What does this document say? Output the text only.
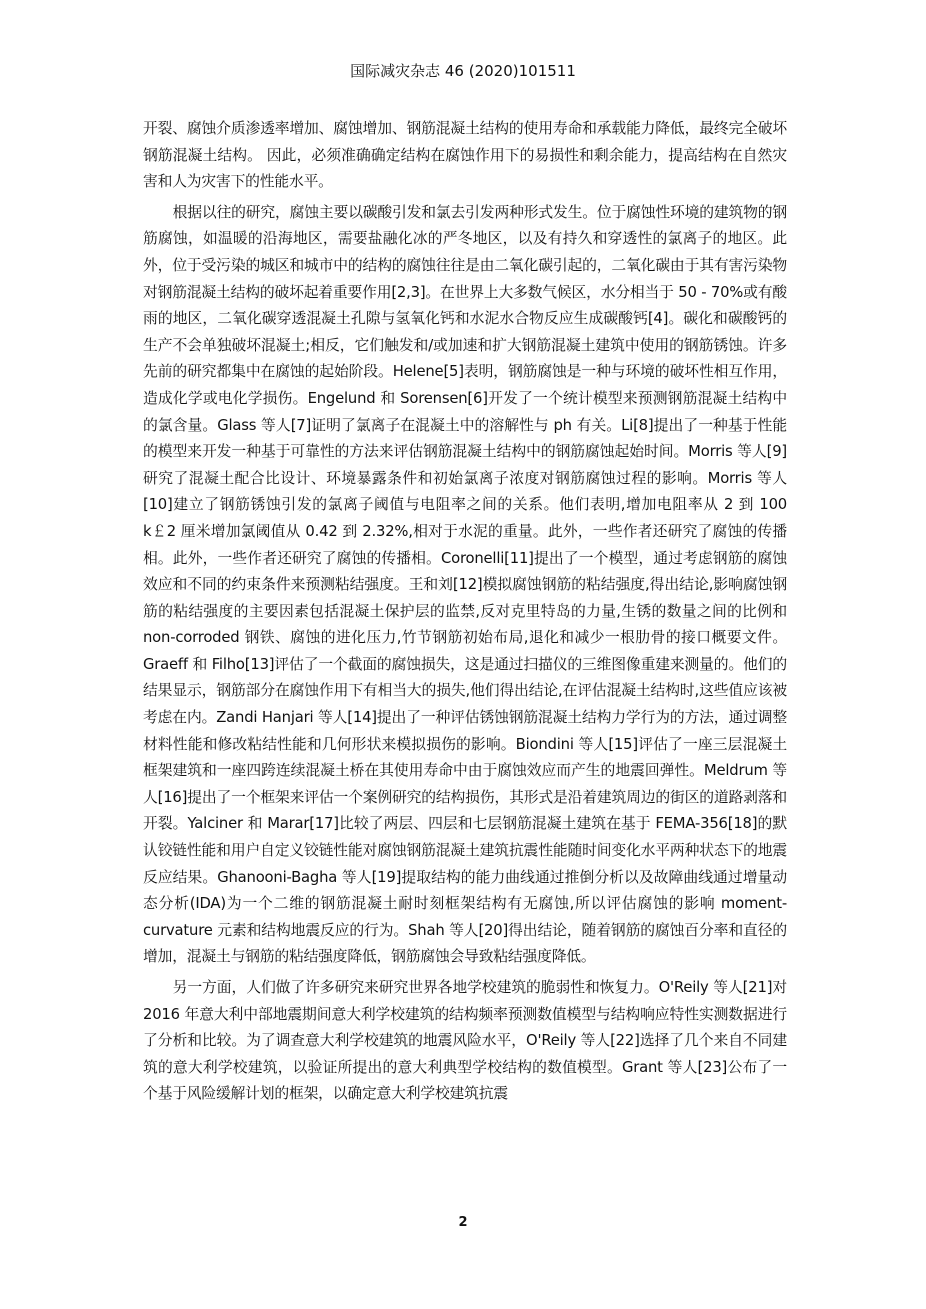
国际减灾杂志 46 (2020)101511

开裂、腐蚀介质渗透率增加、腐蚀增加、钢筋混凝土结构的使用寿命和承载能力降低，最终完全破坏钢筋混凝土结构。 因此，必须准确确定结构在腐蚀作用下的易损性和剩余能力，提高结构在自然灾害和人为灾害下的性能水平。

根据以往的研究，腐蚀主要以碳酸引发和氯去引发两种形式发生。位于腐蚀性环境的建筑物的钢筋腐蚀，如温暖的沿海地区，需要盐融化冰的严冬地区，以及有持久和穿透性的氯离子的地区。此外，位于受污染的城区和城市中的结构的腐蚀往往是由二氧化碳引起的，二氧化碳由于其有害污染物对钢筋混凝土结构的破坏起着重要作用[2,3]。在世界上大多数气候区，水分相当于 50 - 70%或有酸雨的地区，二氧化碳穿透混凝土孔隙与氢氧化钙和水泥水合物反应生成碳酸钙[4]。碳化和碳酸钙的生产不会单独破坏混凝土;相反，它们触发和/或加速和扩大钢筋混凝土建筑中使用的钢筋锈蚀。许多先前的研究都集中在腐蚀的起始阶段。Helene[5]表明，钢筋腐蚀是一种与环境的破坏性相互作用，造成化学或电化学损伤。Engelund 和 Sorensen[6]开发了一个统计模型来预测钢筋混凝土结构中的氯含量。Glass 等人[7]证明了氯离子在混凝土中的溶解性与 ph 有关。Li[8]提出了一种基于性能的模型来开发一种基于可靠性的方法来评估钢筋混凝土结构中的钢筋腐蚀起始时间。Morris 等人[9]研究了混凝土配合比设计、环境暴露条件和初始氯离子浓度对钢筋腐蚀过程的影响。Morris 等人[10]建立了钢筋锈蚀引发的氯离子阈值与电阻率之间的关系。他们表明,增加电阻率从 2 到 100 k￡2 厘米增加氯阈值从 0.42 到 2.32%,相对于水泥的重量。此外，一些作者还研究了腐蚀的传播相。此外，一些作者还研究了腐蚀的传播相。Coronelli[11]提出了一个模型，通过考虑钢筋的腐蚀效应和不同的约束条件来预测粘结强度。王和刘[12]模拟腐蚀钢筋的粘结强度,得出结论,影响腐蚀钢筋的粘结强度的主要因素包括混凝土保护层的监禁,反对克里特岛的力量,生锈的数量之间的比例和 non-corroded 钢铁、腐蚀的进化压力,竹节钢筋初始布局,退化和减少一根肋骨的接口概要文件。Graeff 和 Filho[13]评估了一个截面的腐蚀损失，这是通过扫描仪的三维图像重建来测量的。他们的结果显示，钢筋部分在腐蚀作用下有相当大的损失,他们得出结论,在评估混凝土结构时,这些值应该被考虑在内。Zandi Hanjari 等人[14]提出了一种评估锈蚀钢筋混凝土结构力学行为的方法，通过调整材料性能和修改粘结性能和几何形状来模拟损伤的影响。Biondini 等人[15]评估了一座三层混凝土框架建筑和一座四跨连续混凝土桥在其使用寿命中由于腐蚀效应而产生的地震回弹性。Meldrum 等人[16]提出了一个框架来评估一个案例研究的结构损伤，其形式是沿着建筑周边的街区的道路剥落和开裂。Yalciner 和 Marar[17]比较了两层、四层和七层钢筋混凝土建筑在基于 FEMA-356[18]的默认铰链性能和用户自定义铰链性能对腐蚀钢筋混凝土建筑抗震性能随时间变化水平两种状态下的地震反应结果。Ghanooni-Bagha 等人[19]提取结构的能力曲线通过推倒分析以及故障曲线通过增量动态分析(IDA)为一个二维的钢筋混凝土耐时刻框架结构有无腐蚀,所以评估腐蚀的影响 moment-curvature 元素和结构地震反应的行为。Shah 等人[20]得出结论，随着钢筋的腐蚀百分率和直径的增加，混凝土与钢筋的粘结强度降低，钢筋腐蚀会导致粘结强度降低。

另一方面，人们做了许多研究来研究世界各地学校建筑的脆弱性和恢复力。O'Reily 等人[21]对 2016 年意大利中部地震期间意大利学校建筑的结构频率预测数值模型与结构响应特性实测数据进行了分析和比较。为了调查意大利学校建筑的地震风险水平，O'Reily 等人[22]选择了几个来自不同建筑的意大利学校建筑，以验证所提出的意大利典型学校结构的数值模型。Grant 等人[23]公布了一个基于风险缓解计划的框架，以确定意大利学校建筑抗震

2
